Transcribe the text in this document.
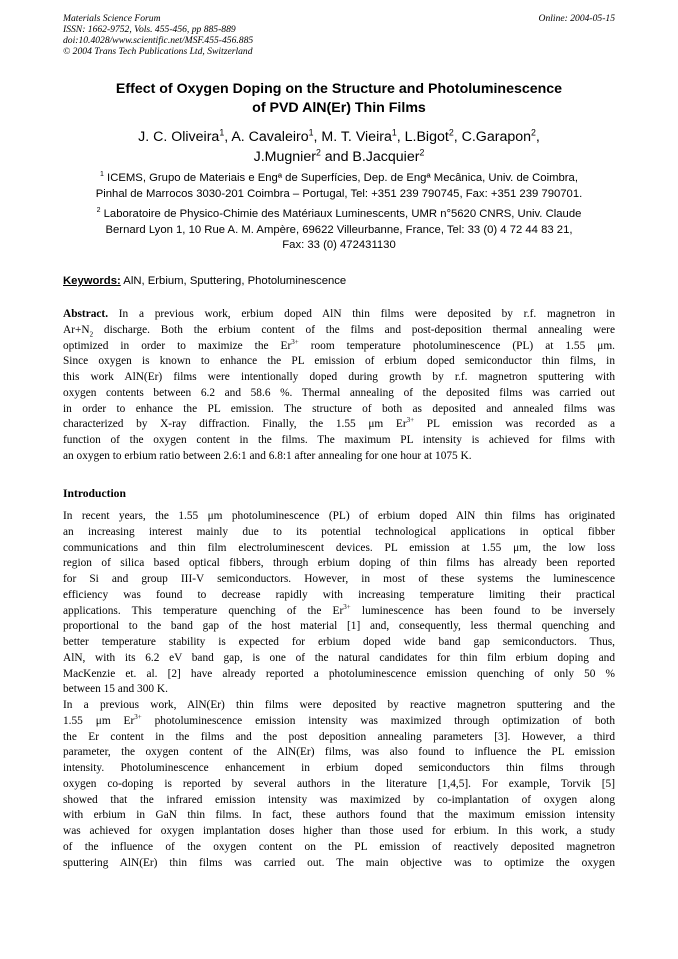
Materials Science Forum
ISSN: 1662-9752, Vols. 455-456, pp 885-889
doi:10.4028/www.scientific.net/MSF.455-456.885
© 2004 Trans Tech Publications Ltd, Switzerland
Online: 2004-05-15
Effect of Oxygen Doping on the Structure and Photoluminescence
of PVD AlN(Er) Thin Films
J. C. Oliveira$^1$, A. Cavaleiro$^1$, M. T. Vieira$^1$, L.Bigot$^2$, C.Garapon$^2$,
J.Mugnier$^2$ and B.Jacquier$^2$
$^1$ ICEMS, Grupo de Materiais e Engª de Superfícies, Dep. de Engª Mecânica, Univ. de Coimbra,
Pinhal de Marrocos 3030-201 Coimbra – Portugal, Tel: +351 239 790745, Fax: +351 239 790701.
$^2$ Laboratoire de Physico-Chimie des Matériaux Luminescents, UMR n°5620 CNRS, Univ. Claude
Bernard Lyon 1, 10 Rue A. M. Ampère, 69622 Villeurbanne, France, Tel: 33 (0) 4 72 44 83 21,
Fax: 33 (0) 472431130
Keywords: AlN, Erbium, Sputtering, Photoluminescence
Abstract. In a previous work, erbium doped AlN thin films were deposited by r.f. magnetron in
$Ar+N_2$ discharge. Both the erbium content of the films and post-deposition thermal annealing were
optimized in order to maximize the $Er^{3+}$ room temperature photoluminescence (PL) at 1.55 μm.
Since oxygen is known to enhance the PL emission of erbium doped semiconductor thin films, in
this work AlN(Er) films were intentionally doped during growth by r.f. magnetron sputtering with
oxygen contents between 6.2 and 58.6 %. Thermal annealing of the deposited films was carried out
in order to enhance the PL emission. The structure of both as deposited and annealed films was
characterized by X-ray diffraction. Finally, the 1.55 μm $Er^{3+}$ PL emission was recorded as a
function of the oxygen content in the films. The maximum PL intensity is achieved for films with
an oxygen to erbium ratio between 2.6:1 and 6.8:1 after annealing for one hour at 1075 K.
Introduction
In recent years, the 1.55 μm photoluminescence (PL) of erbium doped AlN thin films has originated
an increasing interest mainly due to its potential technological applications in optical fibber
communications and thin film electroluminescent devices. PL emission at 1.55 μm, the low loss
region of silica based optical fibbers, through erbium doping of thin films has already been reported
for Si and group III-V semiconductors. However, in most of these systems the luminescence
efficiency was found to decrease rapidly with increasing temperature limiting their practical
applications. This temperature quenching of the $Er^{3+}$ luminescence has been found to be inversely
proportional to the band gap of the host material [1] and, consequently, less thermal quenching and
better temperature stability is expected for erbium doped wide band gap semiconductors. Thus,
AlN, with its 6.2 eV band gap, is one of the natural candidates for thin film erbium doping and
MacKenzie et. al. [2] have already reported a photoluminescence emission quenching of only 50 %
between 15 and 300 K.
In a previous work, AlN(Er) thin films were deposited by reactive magnetron sputtering and the
1.55 μm $Er^{3+}$ photoluminescence emission intensity was maximized through optimization of both
the Er content in the films and the post deposition annealing parameters [3]. However, a third
parameter, the oxygen content of the AlN(Er) films, was also found to influence the PL emission
intensity. Photoluminescence enhancement in erbium doped semiconductors thin films through
oxygen co-doping is reported by several authors in the literature [1,4,5]. For example, Torvik [5]
showed that the infrared emission intensity was maximized by co-implantation of oxygen along
with erbium in GaN thin films. In fact, these authors found that the maximum emission intensity
was achieved for oxygen implantation doses higher than those used for erbium. In this work, a study
of the influence of the oxygen content on the PL emission of reactively deposited magnetron
sputtering AlN(Er) thin films was carried out. The main objective was to optimize the oxygen
